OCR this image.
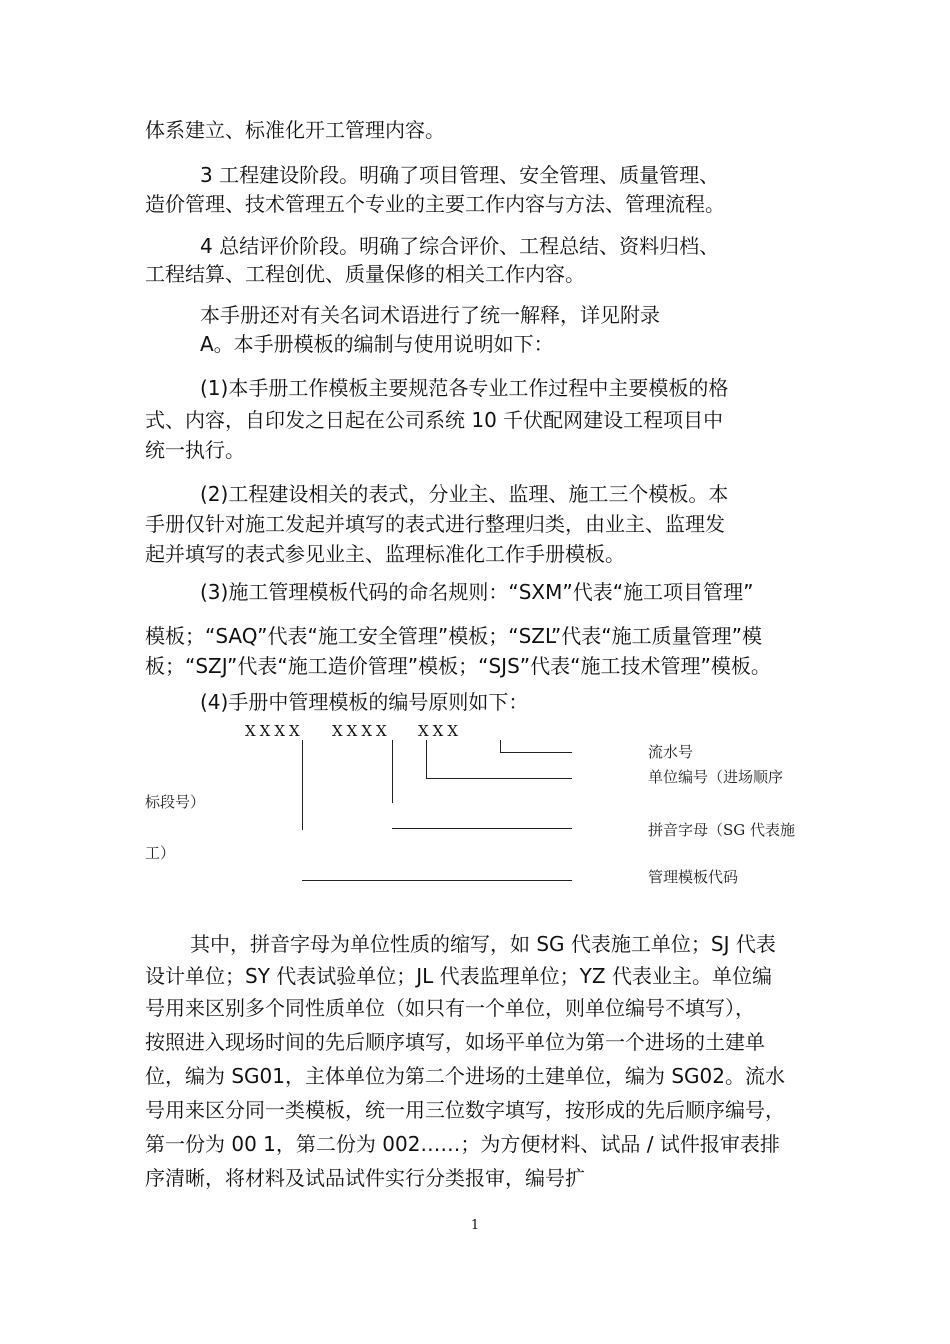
体系建立、标准化开工管理内容。
3 工程建设阶段。明确了项目管理、安全管理、质量管理、
造价管理、技术管理五个专业的主要工作内容与方法、管理流程。
4 总结评价阶段。明确了综合评价、工程总结、资料归档、
工程结算、工程创优、质量保修的相关工作内容。
本手册还对有关名词术语进行了统一解释，详见附录
A。本手册模板的编制与使用说明如下：
(1)本手册工作模板主要规范各专业工作过程中主要模板的格
式、内容，自印发之日起在公司系统 10 千伏配网建设工程项目中
统一执行。
(2)工程建设相关的表式，分业主、监理、施工三个模板。本
手册仅针对施工发起并填写的表式进行整理归类，由业主、监理发
起并填写的表式参见业主、监理标准化工作手册模板。
(3)施工管理模板代码的命名规则：“SXM”代表“施工项目管理”
模板；“SAQ”代表“施工安全管理”模板；“SZL”代表“施工质量管理”模
板；“SZJ”代表“施工造价管理”模板；“SJS”代表“施工技术管理”模板。
(4)手册中管理模板的编号原则如下：
XXXX XXXX XXX
流水号
单位编号（进场顺序
标段号）
拼音字母（SG 代表施
工）
管理模板代码
其中，拼音字母为单位性质的缩写，如 SG 代表施工单位；SJ 代表
设计单位；SY 代表试验单位；JL 代表监理单位；YZ 代表业主。单位编
号用来区别多个同性质单位（如只有一个单位，则单位编号不填写），
按照进入现场时间的先后顺序填写，如场平单位为第一个进场的土建单
位，编为 SG01，主体单位为第二个进场的土建单位，编为 SG02。流水
号用来区分同一类模板，统一用三位数字填写，按形成的先后顺序编号，
第一份为 00 1，第二份为 002……；为方便材料、试品 / 试件报审表排
序清晰，将材料及试品试件实行分类报审，编号扩
1
